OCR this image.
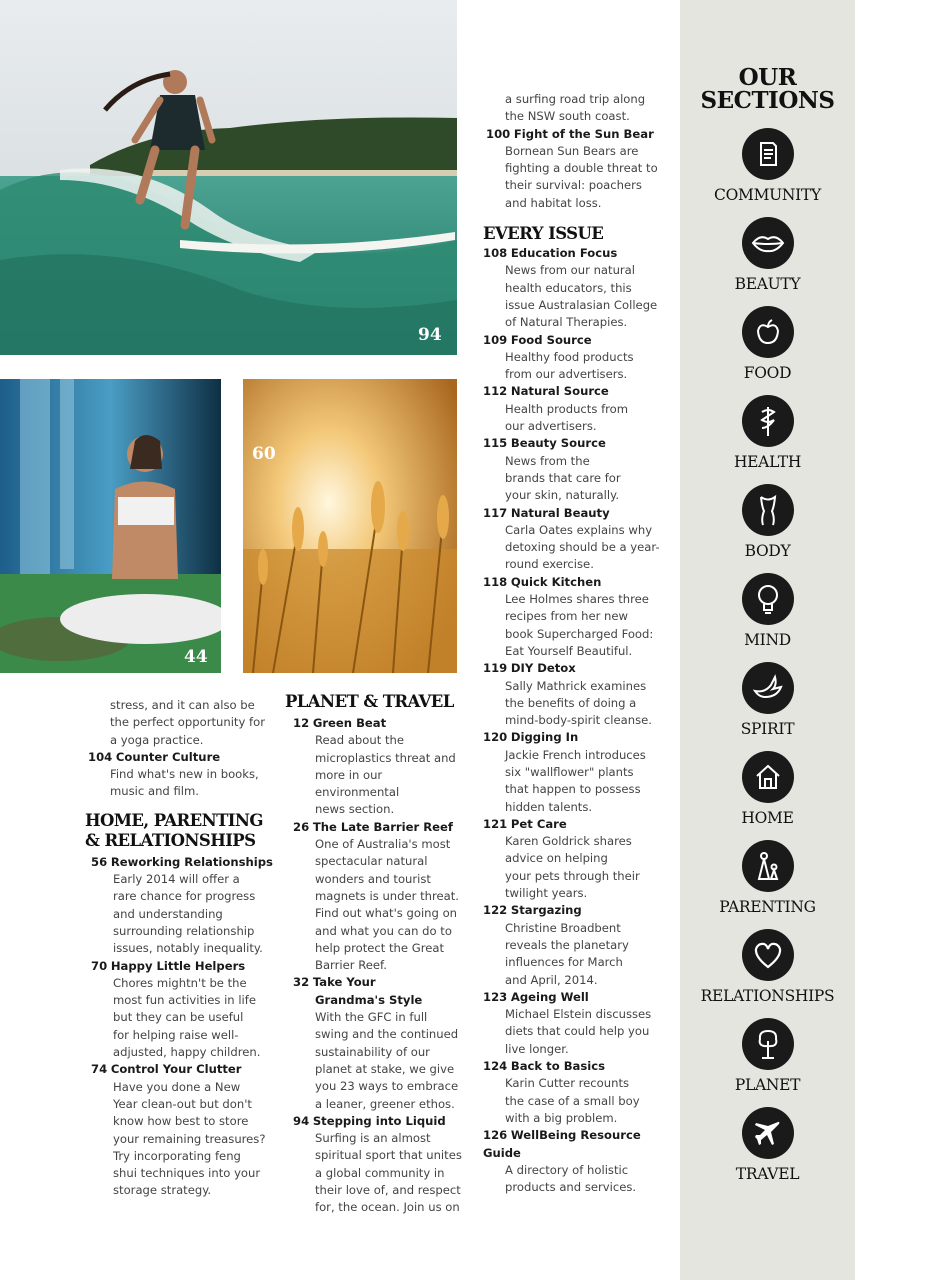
94
44
60
stress, and it can also be
the perfect opportunity for
a yoga practice.
104 Counter Culture
Find what's new in books,
music and film.
HOME, PARENTING
& RELATIONSHIPS
56 Reworking Relationships
Early 2014 will offer a
rare chance for progress
and understanding
surrounding relationship
issues, notably inequality.
70 Happy Little Helpers
Chores mightn't be the
most fun activities in life
but they can be useful
for helping raise well-
adjusted, happy children.
74 Control Your Clutter
Have you done a New
Year clean-out but don't
know how best to store
your remaining treasures?
Try incorporating feng
shui techniques into your
storage strategy.
PLANET & TRAVEL
12 Green Beat
Read about the
microplastics threat and
more in our environmental
news section.
26 The Late Barrier Reef
One of Australia's most
spectacular natural
wonders and tourist
magnets is under threat.
Find out what's going on
and what you can do to
help protect the Great
Barrier Reef.
32 Take Your
Grandma's Style
With the GFC in full
swing and the continued
sustainability of our
planet at stake, we give
you 23 ways to embrace
a leaner, greener ethos.
94 Stepping into Liquid
Surfing is an almost
spiritual sport that unites
a global community in
their love of, and respect
for, the ocean. Join us on
a surfing road trip along
the NSW south coast.
100 Fight of the Sun Bear
Bornean Sun Bears are
fighting a double threat to
their survival: poachers
and habitat loss.
EVERY ISSUE
108 Education Focus
News from our natural
health educators, this
issue Australasian College
of Natural Therapies.
109 Food Source
Healthy food products
from our advertisers.
112 Natural Source
Health products from
our advertisers.
115 Beauty Source
News from the
brands that care for
your skin, naturally.
117 Natural Beauty
Carla Oates explains why
detoxing should be a year-
round exercise.
118 Quick Kitchen
Lee Holmes shares three
recipes from her new
book Supercharged Food:
Eat Yourself Beautiful.
119 DIY Detox
Sally Mathrick examines
the benefits of doing a
mind-body-spirit cleanse.
120 Digging In
Jackie French introduces
six "wallflower" plants
that happen to possess
hidden talents.
121 Pet Care
Karen Goldrick shares
advice on helping
your pets through their
twilight years.
122 Stargazing
Christine Broadbent
reveals the planetary
influences for March
and April, 2014.
123 Ageing Well
Michael Elstein discusses
diets that could help you
live longer.
124 Back to Basics
Karin Cutter recounts
the case of a small boy
with a big problem.
126 WellBeing Resource Guide
A directory of holistic
products and services.
OUR
SECTIONS
COMMUNITY
BEAUTY
FOOD
HEALTH
BODY
MIND
SPIRIT
HOME
PARENTING
RELATIONSHIPS
PLANET
TRAVEL
